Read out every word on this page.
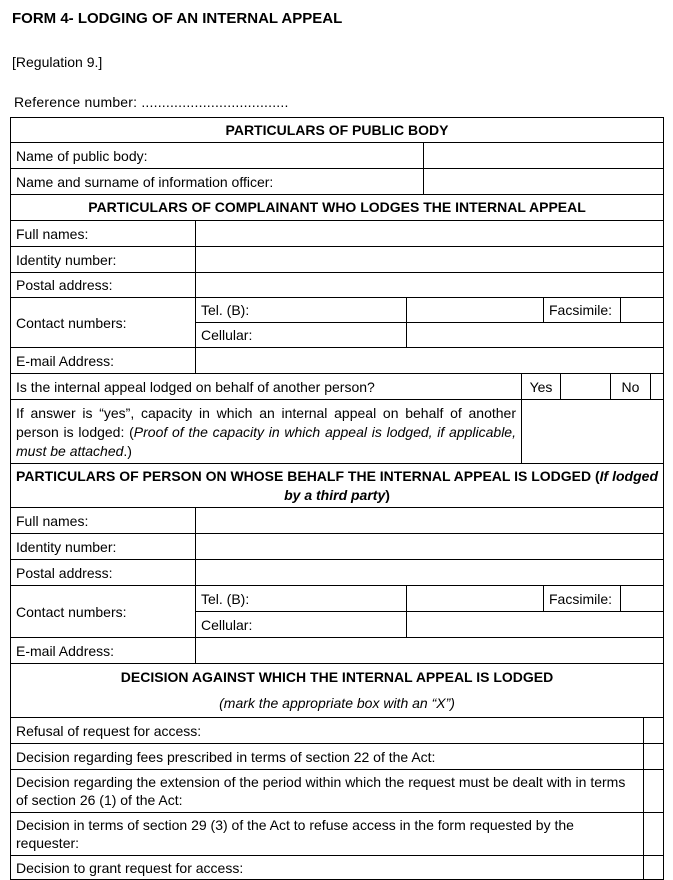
FORM 4- LODGING OF AN INTERNAL APPEAL
[Regulation 9.]
Reference number: ....................................
PARTICULARS OF PUBLIC BODY										
Name of public body:										
Name and surname of information officer:										
PARTICULARS OF COMPLAINANT WHO LODGES THE INTERNAL APPEAL										
Full names:										
Identity number:										
Postal address:										
Contact numbers:	Tel. (B):				Facsimile:					
	Cellular:									
E-mail Address:										
Is the internal appeal lodged on behalf of another person?				Yes			No			
If answer is “yes”, capacity in which an internal appeal on behalf of another person is lodged: (Proof of the capacity in which appeal is lodged, if applicable, must be attached.)										
PARTICULARS OF PERSON ON WHOSE BEHALF THE INTERNAL APPEAL IS LODGED (If lodged by a third party)										
Full names:										
Identity number:										
Postal address:										
Contact numbers:	Tel. (B):				Facsimile:					
	Cellular:									
E-mail Address:										

DECISION AGAINST WHICH THE INTERNAL APPEAL IS LODGED
(mark the appropriate box with an “X”)										

Refusal of request for access:										
Decision regarding fees prescribed in terms of section 22 of the Act:										
Decision regarding the extension of the period within which the request must be dealt with in terms of section 26 (1) of the Act:										
Decision in terms of section 29 (3) of the Act to refuse access in the form requested by the requester:										
Decision to grant request for access:										
